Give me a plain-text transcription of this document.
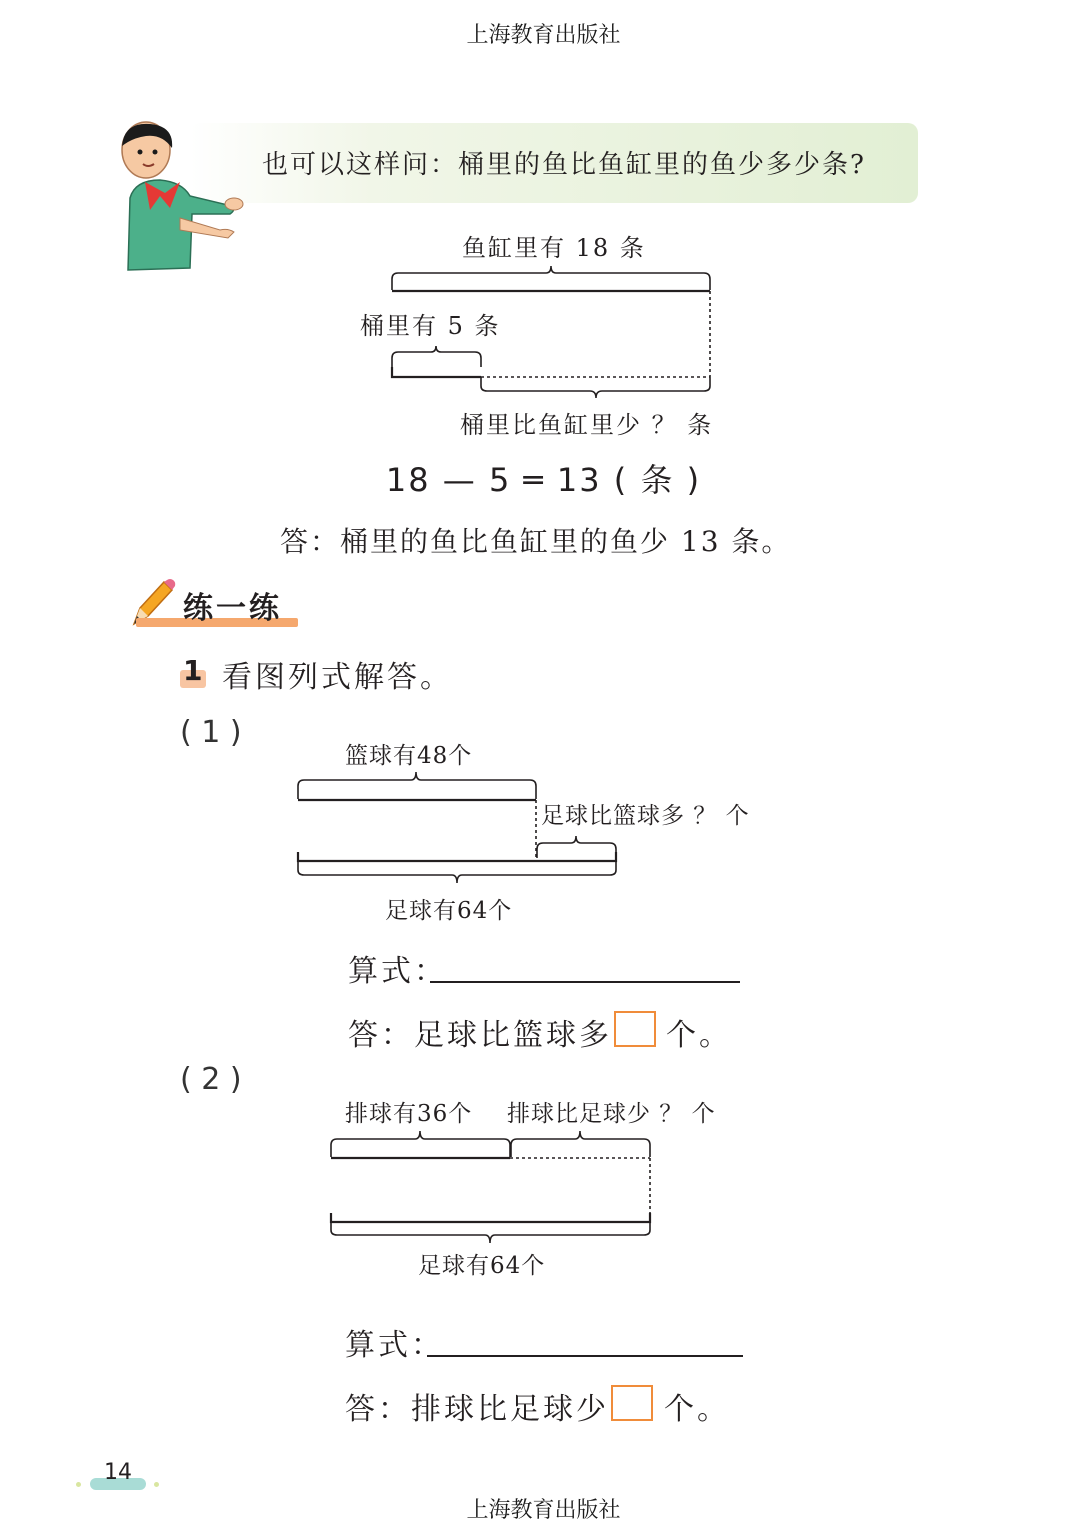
上海教育出版社
也可以这样问：桶里的鱼比鱼缸里的鱼少多少条?
鱼缸里有 18 条
桶里有 5 条
桶里比鱼缸里少 ？ 条
18 — 5 ═ 13 ( 条 )
答：桶里的鱼比鱼缸里的鱼少 13 条。
练一练
1 看图列式解答。
( 1 )
篮球有48个
足球比篮球多 ？ 个
足球有64个
算式：
答：足球比篮球多 个。
( 2 )
排球有36个 排球比足球少 ？ 个
足球有64个
算式：
答：排球比足球少 个。
14
上海教育出版社
